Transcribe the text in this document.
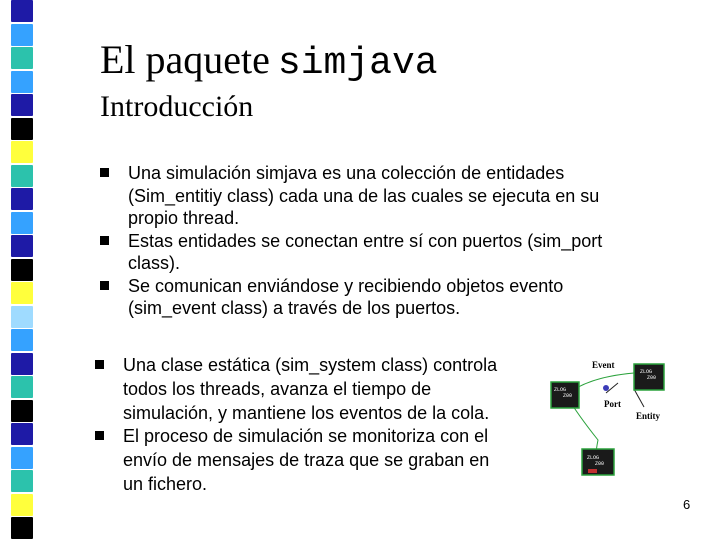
El paquete simjava
Introducción
Una simulación simjava es una colección de entidades
(Sim_entitiy class) cada una de las cuales se ejecuta en su
propio thread.
Estas entidades se conectan entre sí con puertos (sim_port
class).
Se comunican enviándose y recibiendo objetos evento
(sim_event class) a través de los puertos.
Una clase estática (sim_system class) controla
todos los threads, avanza el tiempo de
simulación, y mantiene los eventos de la cola.
El proceso de simulación se monitoriza con el
envío de mensajes de traza que se graban en
un fichero.
Event
Port
Entity
ZLOG
Z00
ZLOG
Z00
ZLOG
Z00
6
